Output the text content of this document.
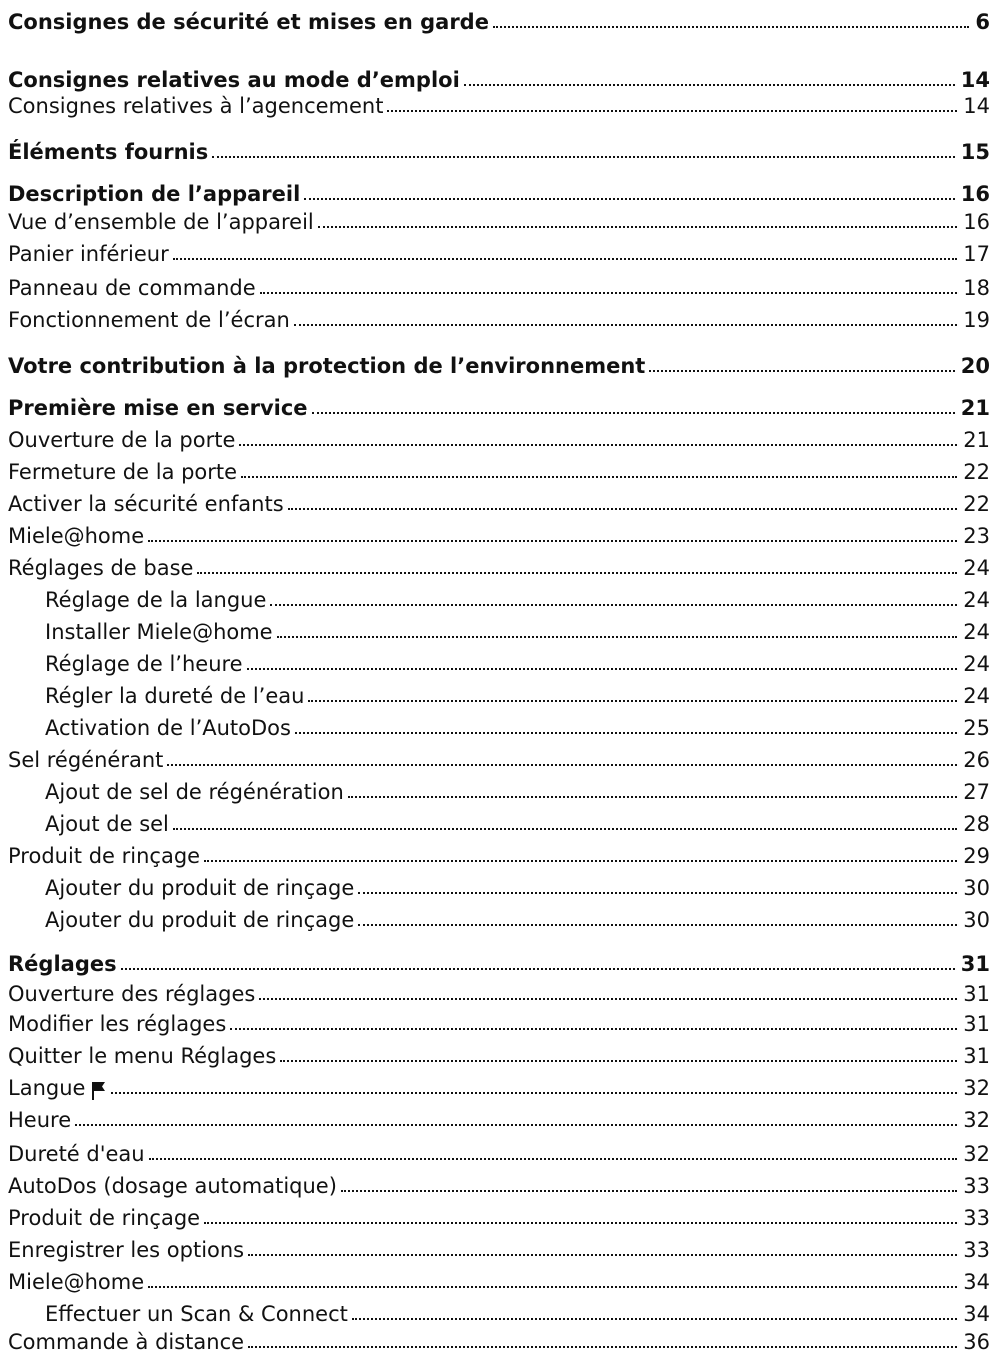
Consignes de sécurité et mises en garde	6
Consignes relatives au mode d’emploi	14
Consignes relatives à l’agencement	14
Éléments fournis	15
Description de l’appareil	16
Vue d’ensemble de l’appareil	16
Panier inférieur	17
Panneau de commande	18
Fonctionnement de l’écran	19
Votre contribution à la protection de l’environnement	20
Première mise en service	21
Ouverture de la porte	21
Fermeture de la porte	22
Activer la sécurité enfants	22
Miele@home	23
Réglages de base	24
Réglage de la langue	24
Installer Miele@home	24
Réglage de l’heure	24
Régler la dureté de l’eau	24
Activation de l’AutoDos	25
Sel régénérant	26
Ajout de sel de régénération	27
Ajout de sel	28
Produit de rinçage	29
Ajouter du produit de rinçage	30
Ajouter du produit de rinçage	30
Réglages	31
Ouverture des réglages	31
Modifier les réglages	31
Quitter le menu Réglages	31
Langue	32
Heure	32
Dureté d'eau	32
AutoDos (dosage automatique)	33
Produit de rinçage	33
Enregistrer les options	33
Miele@home	34
Effectuer un Scan & Connect	34
Commande à distance	36
